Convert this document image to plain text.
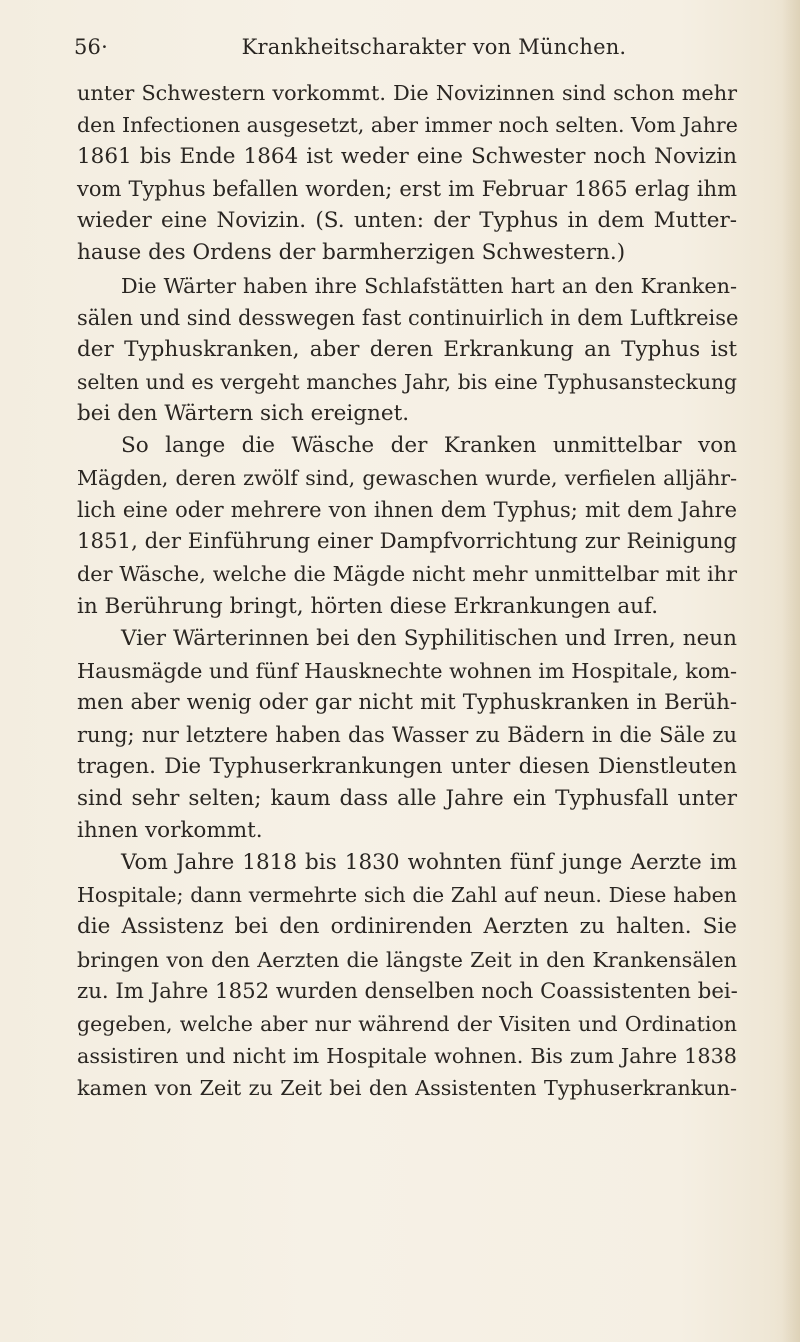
56·	Krankheitscharakter von München.
unter Schwestern vorkommt. Die Novizinnen sind schon mehr
den Infectionen ausgesetzt, aber immer noch selten. Vom Jahre
1861 bis Ende 1864 ist weder eine Schwester noch Novizin
vom Typhus befallen worden; erst im Februar 1865 erlag ihm
wieder eine Novizin. (S. unten: der Typhus in dem Mutter-
hause des Ordens der barmherzigen Schwestern.)
Die Wärter haben ihre Schlafstätten hart an den Kranken-
sälen und sind desswegen fast continuirlich in dem Luftkreise
der Typhuskranken, aber deren Erkrankung an Typhus ist
selten und es vergeht manches Jahr, bis eine Typhusansteckung
bei den Wärtern sich ereignet.
So lange die Wäsche der Kranken unmittelbar von
Mägden, deren zwölf sind, gewaschen wurde, verfielen alljähr-
lich eine oder mehrere von ihnen dem Typhus; mit dem Jahre
1851, der Einführung einer Dampfvorrichtung zur Reinigung
der Wäsche, welche die Mägde nicht mehr unmittelbar mit ihr
in Berührung bringt, hörten diese Erkrankungen auf.
Vier Wärterinnen bei den Syphilitischen und Irren, neun
Hausmägde und fünf Hausknechte wohnen im Hospitale, kom-
men aber wenig oder gar nicht mit Typhuskranken in Berüh-
rung; nur letztere haben das Wasser zu Bädern in die Säle zu
tragen. Die Typhuserkrankungen unter diesen Dienstleuten
sind sehr selten; kaum dass alle Jahre ein Typhusfall unter
ihnen vorkommt.
Vom Jahre 1818 bis 1830 wohnten fünf junge Aerzte im
Hospitale; dann vermehrte sich die Zahl auf neun. Diese haben
die Assistenz bei den ordinirenden Aerzten zu halten. Sie
bringen von den Aerzten die längste Zeit in den Krankensälen
zu. Im Jahre 1852 wurden denselben noch Coassistenten bei-
gegeben, welche aber nur während der Visiten und Ordination
assistiren und nicht im Hospitale wohnen. Bis zum Jahre 1838
kamen von Zeit zu Zeit bei den Assistenten Typhuserkrankun-
